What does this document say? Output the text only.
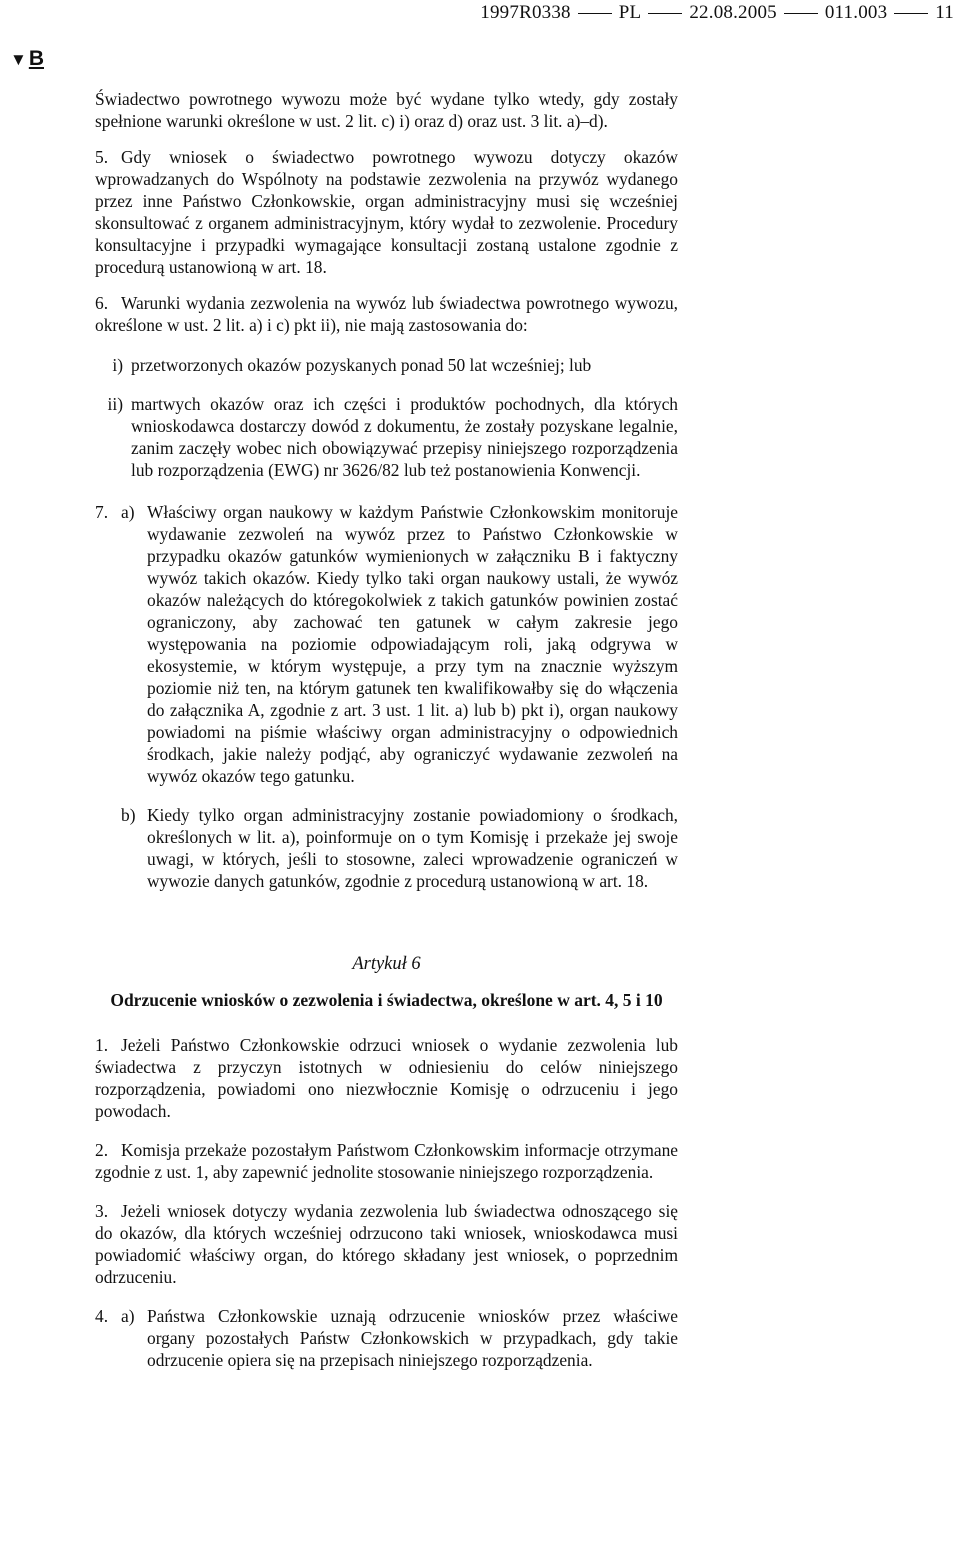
1997R0338	PL	22.08.2005	011.003	11
▼B

Świadectwo powrotnego wywozu może być wydane tylko wtedy, gdy zostały spełnione warunki określone w ust. 2 lit. c) i) oraz d) oraz ust. 3 lit. a)–d).

5. Gdy wniosek o świadectwo powrotnego wywozu dotyczy okazów wprowadzanych do Wspólnoty na podstawie zezwolenia na przywóz wydanego przez inne Państwo Członkowskie, organ administracyjny musi się wcześniej skonsultować z organem administracyjnym, który wydał to zezwolenie. Procedury konsultacyjne i przypadki wymagające konsultacji zostaną ustalone zgodnie z procedurą ustanowioną w art. 18.

6. Warunki wydania zezwolenia na wywóz lub świadectwa powrotnego wywozu, określone w ust. 2 lit. a) i c) pkt ii), nie mają zastosowania do:

i) przetworzonych okazów pozyskanych ponad 50 lat wcześniej; lub
ii) martwych okazów oraz ich części i produktów pochodnych, dla których wnioskodawca dostarczy dowód z dokumentu, że zostały pozyskane legalnie, zanim zaczęły wobec nich obowiązywać przepisy niniejszego rozporządzenia lub rozporządzenia (EWG) nr 3626/82 lub też postanowienia Konwencji.
7. a) Właściwy organ naukowy w każdym Państwie Członkowskim monitoruje wydawanie zezwoleń na wywóz przez to Państwo Członkowskie w przypadku okazów gatunków wymienionych w załączniku B i faktyczny wywóz takich okazów. Kiedy tylko taki organ naukowy ustali, że wywóz okazów należących do któregokolwiek z takich gatunków powinien zostać ograniczony, aby zachować ten gatunek w całym zakresie jego występowania na poziomie odpowiadającym roli, jaką odgrywa w ekosystemie, w którym występuje, a przy tym na znacznie wyższym poziomie niż ten, na którym gatunek ten kwalifikowałby się do włączenia do załącznika A, zgodnie z art. 3 ust. 1 lit. a) lub b) pkt i), organ naukowy powiadomi na piśmie właściwy organ administracyjny o odpowiednich środkach, jakie należy podjąć, aby ograniczyć wydawanie zezwoleń na wywóz okazów tego gatunku.
b) Kiedy tylko organ administracyjny zostanie powiadomiony o środkach, określonych w lit. a), poinformuje on o tym Komisję i przekaże jej swoje uwagi, w których, jeśli to stosowne, zaleci wprowadzenie ograniczeń w wywozie danych gatunków, zgodnie z procedurą ustanowioną w art. 18.
Artykuł 6
Odrzucenie wniosków o zezwolenia i świadectwa, określone w art. 4, 5 i 10

1. Jeżeli Państwo Członkowskie odrzuci wniosek o wydanie zezwolenia lub świadectwa z przyczyn istotnych w odniesieniu do celów niniejszego rozporządzenia, powiadomi ono niezwłocznie Komisję o odrzuceniu i jego powodach.

2. Komisja przekaże pozostałym Państwom Członkowskim informacje otrzymane zgodnie z ust. 1, aby zapewnić jednolite stosowanie niniejszego rozporządzenia.

3. Jeżeli wniosek dotyczy wydania zezwolenia lub świadectwa odnoszącego się do okazów, dla których wcześniej odrzucono taki wniosek, wnioskodawca musi powiadomić właściwy organ, do którego składany jest wniosek, o poprzednim odrzuceniu.

4. a) Państwa Członkowskie uznają odrzucenie wniosków przez właściwe organy pozostałych Państw Członkowskich w przypadkach, gdy takie odrzucenie opiera się na przepisach niniejszego rozporządzenia.
